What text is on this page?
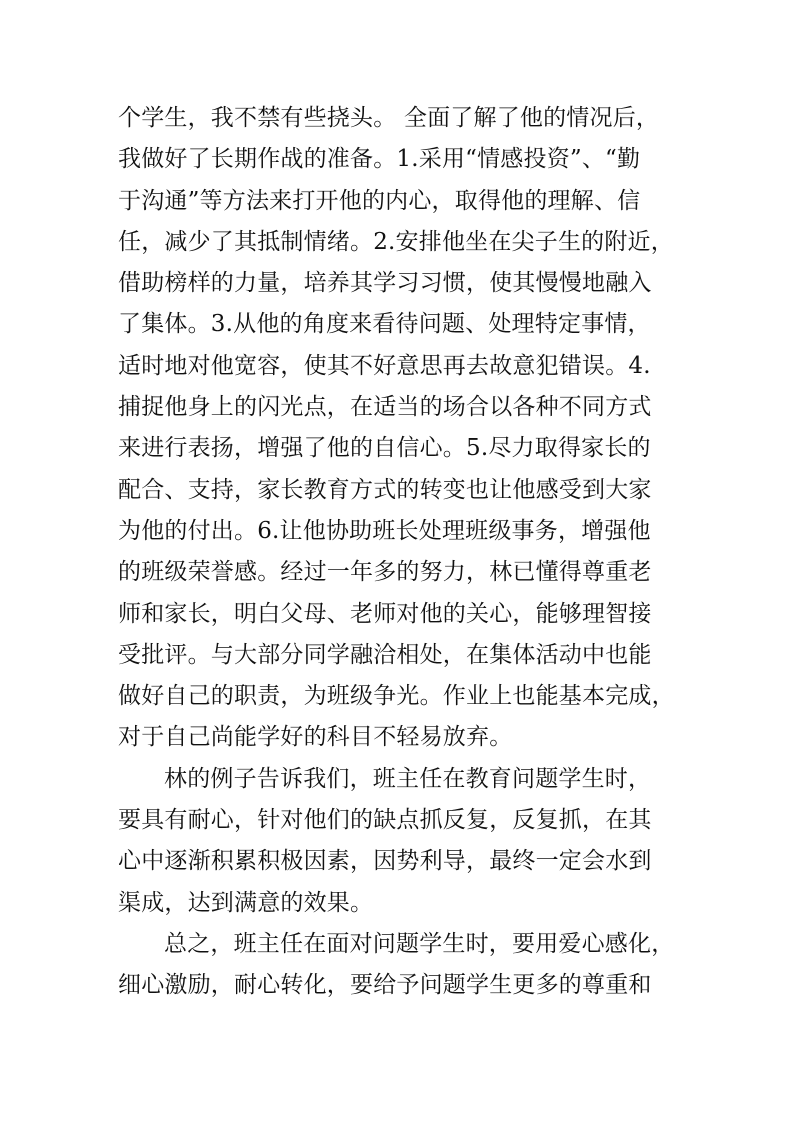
个学生，我不禁有些挠头。 全面了解了他的情况后，
我做好了长期作战的准备。1.采用“情感投资”、“勤
于沟通”等方法来打开他的内心，取得他的理解、信
任，减少了其抵制情绪。2.安排他坐在尖子生的附近，
借助榜样的力量，培养其学习习惯，使其慢慢地融入
了集体。3.从他的角度来看待问题、处理特定事情，
适时地对他宽容，使其不好意思再去故意犯错误。4.
捕捉他身上的闪光点，在适当的场合以各种不同方式
来进行表扬，增强了他的自信心。5.尽力取得家长的
配合、支持，家长教育方式的转变也让他感受到大家
为他的付出。6.让他协助班长处理班级事务，增强他
的班级荣誉感。经过一年多的努力，林已懂得尊重老
师和家长，明白父母、老师对他的关心，能够理智接
受批评。与大部分同学融洽相处，在集体活动中也能
做好自己的职责，为班级争光。作业上也能基本完成，
对于自己尚能学好的科目不轻易放弃。
林的例子告诉我们，班主任在教育问题学生时，
要具有耐心，针对他们的缺点抓反复，反复抓，在其
心中逐渐积累积极因素，因势利导，最终一定会水到
渠成，达到满意的效果。
总之，班主任在面对问题学生时，要用爱心感化，
细心激励，耐心转化，要给予问题学生更多的尊重和
